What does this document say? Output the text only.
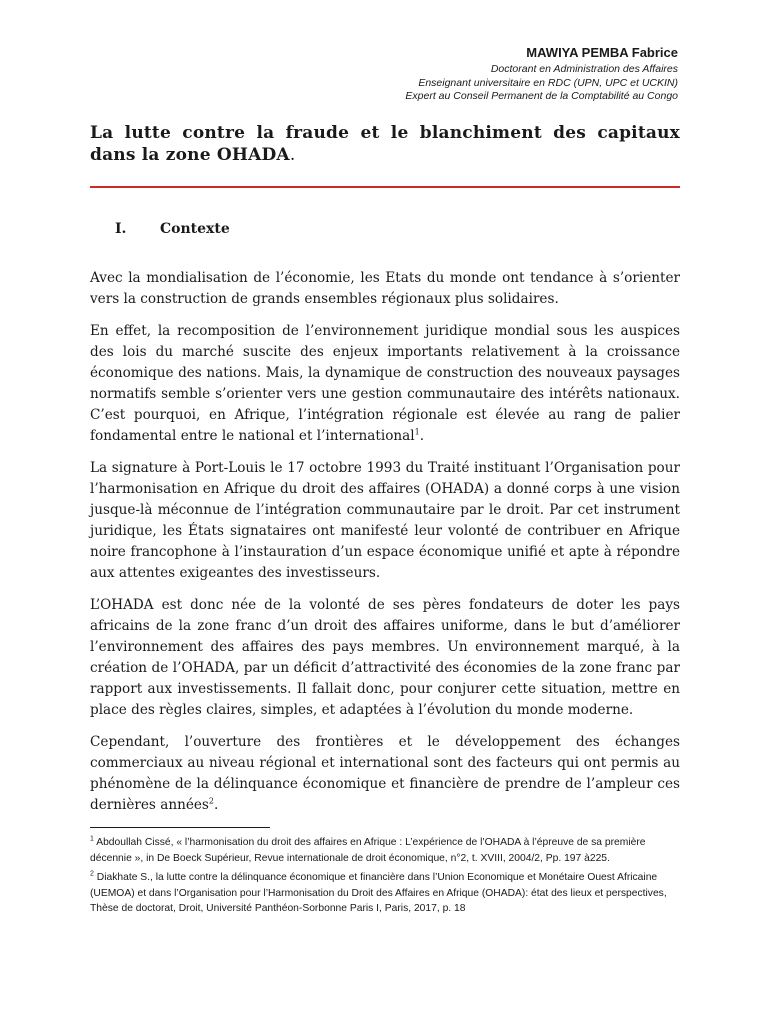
MAWIYA PEMBA Fabrice
Doctorant en Administration des Affaires
Enseignant universitaire en RDC (UPN, UPC et UCKIN)
Expert au Conseil Permanent de la Comptabilité au Congo
La lutte contre la fraude et le blanchiment des capitaux dans la zone OHADA.
I. Contexte

Avec la mondialisation de l’économie, les Etats du monde ont tendance à s’orienter vers la construction de grands ensembles régionaux plus solidaires.

En effet, la recomposition de l’environnement juridique mondial sous les auspices des lois du marché suscite des enjeux importants relativement à la croissance économique des nations. Mais, la dynamique de construction des nouveaux paysages normatifs semble s’orienter vers une gestion communautaire des intérêts nationaux. C’est pourquoi, en Afrique, l’intégration régionale est élevée au rang de palier fondamental entre le national et l’international$^1$.

La signature à Port-Louis le 17 octobre 1993 du Traité instituant l’Organisation pour l’harmonisation en Afrique du droit des affaires (OHADA) a donné corps à une vision jusque-là méconnue de l’intégration communautaire par le droit. Par cet instrument juridique, les États signataires ont manifesté leur volonté de contribuer en Afrique noire francophone à l’instauration d’un espace économique unifié et apte à répondre aux attentes exigeantes des investisseurs.

L’OHADA est donc née de la volonté de ses pères fondateurs de doter les pays africains de la zone franc d’un droit des affaires uniforme, dans le but d’améliorer l’environnement des affaires des pays membres. Un environnement marqué, à la création de l’OHADA, par un déficit d’attractivité des économies de la zone franc par rapport aux investissements. Il fallait donc, pour conjurer cette situation, mettre en place des règles claires, simples, et adaptées à l’évolution du monde moderne.

Cependant, l’ouverture des frontières et le développement des échanges commerciaux au niveau régional et international sont des facteurs qui ont permis au phénomène de la délinquance économique et financière de prendre de l’ampleur ces dernières années$^2$.

$^1$ Abdoullah Cissé, « l’harmonisation du droit des affaires en Afrique : L’expérience de l’OHADA à l’épreuve de sa première décennie », in De Boeck Supérieur, Revue internationale de droit économique, n°2, t. XVIII, 2004/2, Pp. 197 à225.

$^2$ Diakhate S., la lutte contre la délinquance économique et financière dans l’Union Economique et Monétaire Ouest Africaine (UEMOA) et dans l’Organisation pour l’Harmonisation du Droit des Affaires en Afrique (OHADA): état des lieux et perspectives, Thèse de doctorat, Droit, Université Panthéon-Sorbonne Paris I, Paris, 2017, p. 18
